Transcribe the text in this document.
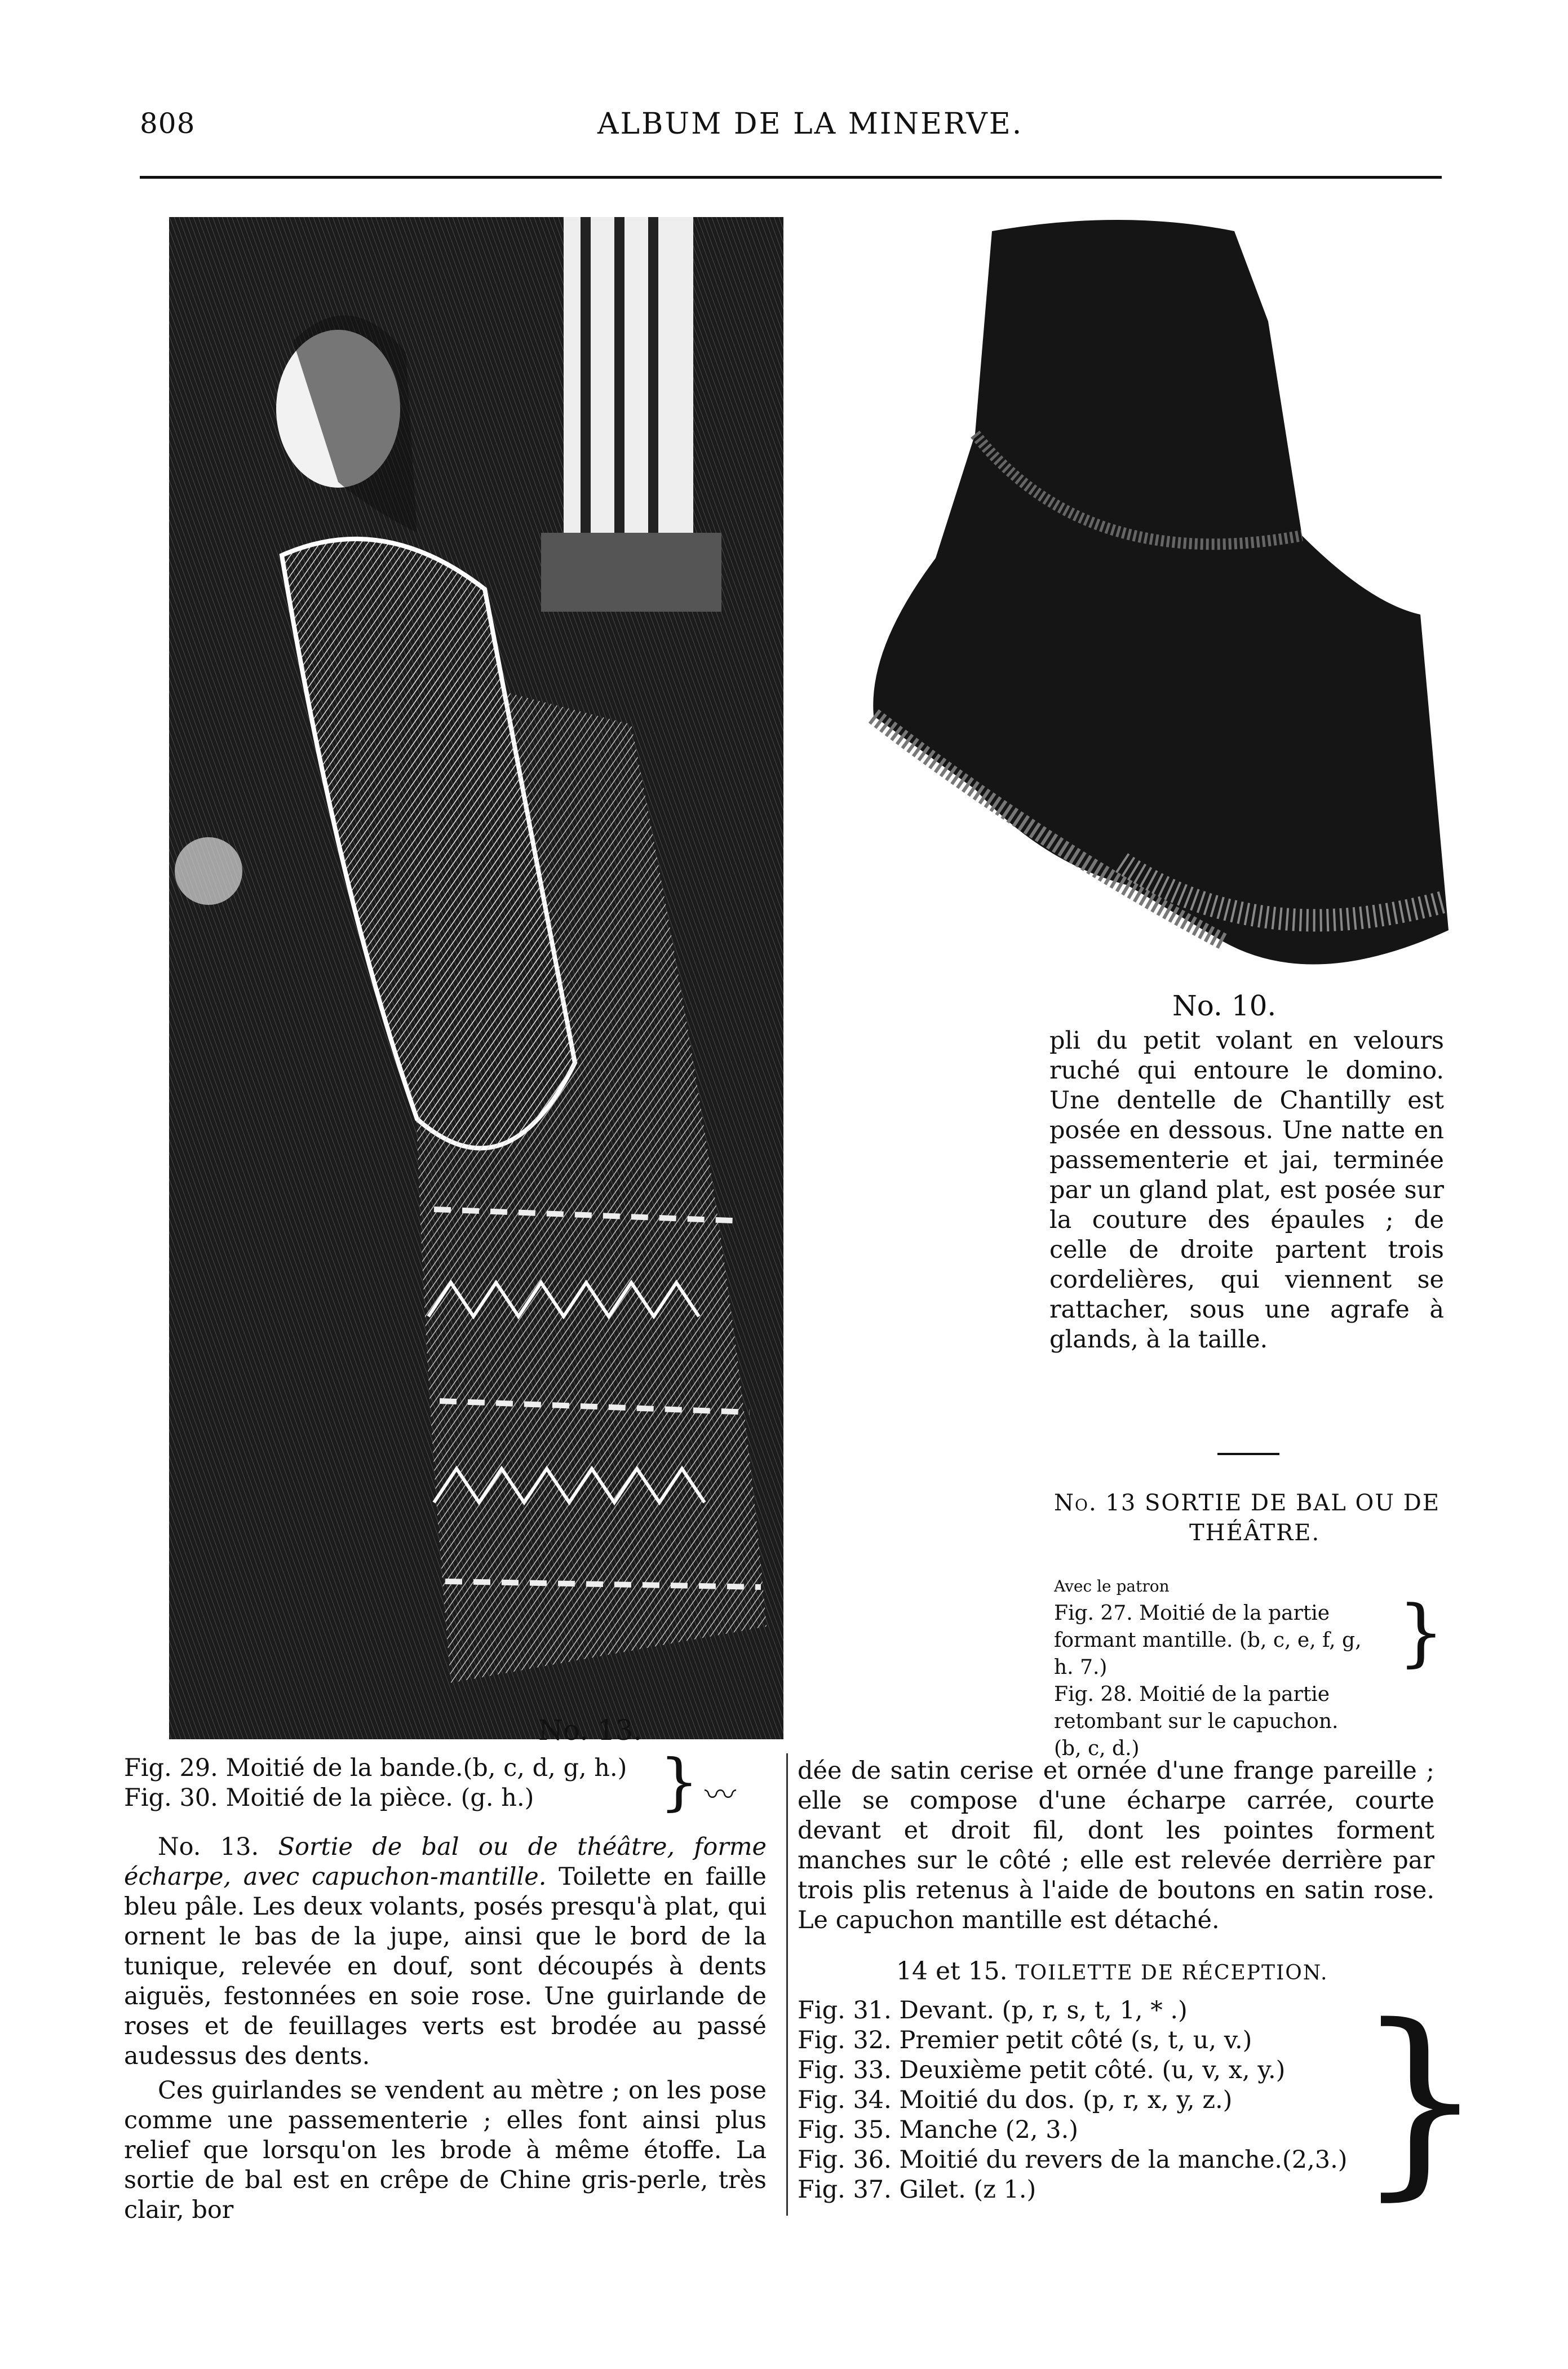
808	ALBUM DE LA MINERVE.
No. 13.
No. 10.

pli du petit volant en velours ruché qui entoure le domino. Une dentelle de Chantilly est posée en dessous. Une natte en passementerie et jai, terminée par un gland plat, est posée sur la couture des épaules ; de celle de droite partent trois cordelières, qui viennent se rattacher, sous une agrafe à glands, à la taille.

No. 13 SORTIE DE BAL OU DE
THÉÂTRE.
Avec le patron
Fig. 27. Moitié de la partie formant mantille. (b, c, e, f, g, h. 7.)
Fig. 28. Moitié de la partie retombant sur le capuchon. (b, c, d.)
}
Fig. 29. Moitié de la bande.(b, c, d, g, h.)
Fig. 30. Moitié de la pièce. (g. h.)	} 〰

No. 13. Sortie de bal ou de théâtre, forme écharpe, avec capuchon-mantille. Toilette en faille bleu pâle. Les deux volants, posés presqu'à plat, qui ornent le bas de la jupe, ainsi que le bord de la tunique, relevée en douf, sont découpés à dents aiguës, festonnées en soie rose. Une guirlande de roses et de feuillages verts est brodée au passé audessus des dents.

Ces guirlandes se vendent au mètre ; on les pose comme une passementerie ; elles font ainsi plus relief que lorsqu'on les brode à même étoffe. La sortie de bal est en crêpe de Chine gris-perle, très clair, bor

dée de satin cerise et ornée d'une frange pareille ; elle se compose d'une écharpe carrée, courte devant et droit fil, dont les pointes forment manches sur le côté ; elle est relevée derrière par trois plis retenus à l'aide de boutons en satin rose. Le capuchon mantille est détaché.

14 et 15. TOILETTE DE RÉCEPTION.
Fig. 31. Devant. (p, r, s, t, 1, * .)
Fig. 32. Premier petit côté (s, t, u, v.)
Fig. 33. Deuxième petit côté. (u, v, x, y.)
Fig. 34. Moitié du dos. (p, r, x, y, z.)
Fig. 35. Manche (2, 3.)
Fig. 36. Moitié du revers de la manche.(2,3.)
Fig. 37. Gilet. (z 1.)	}
